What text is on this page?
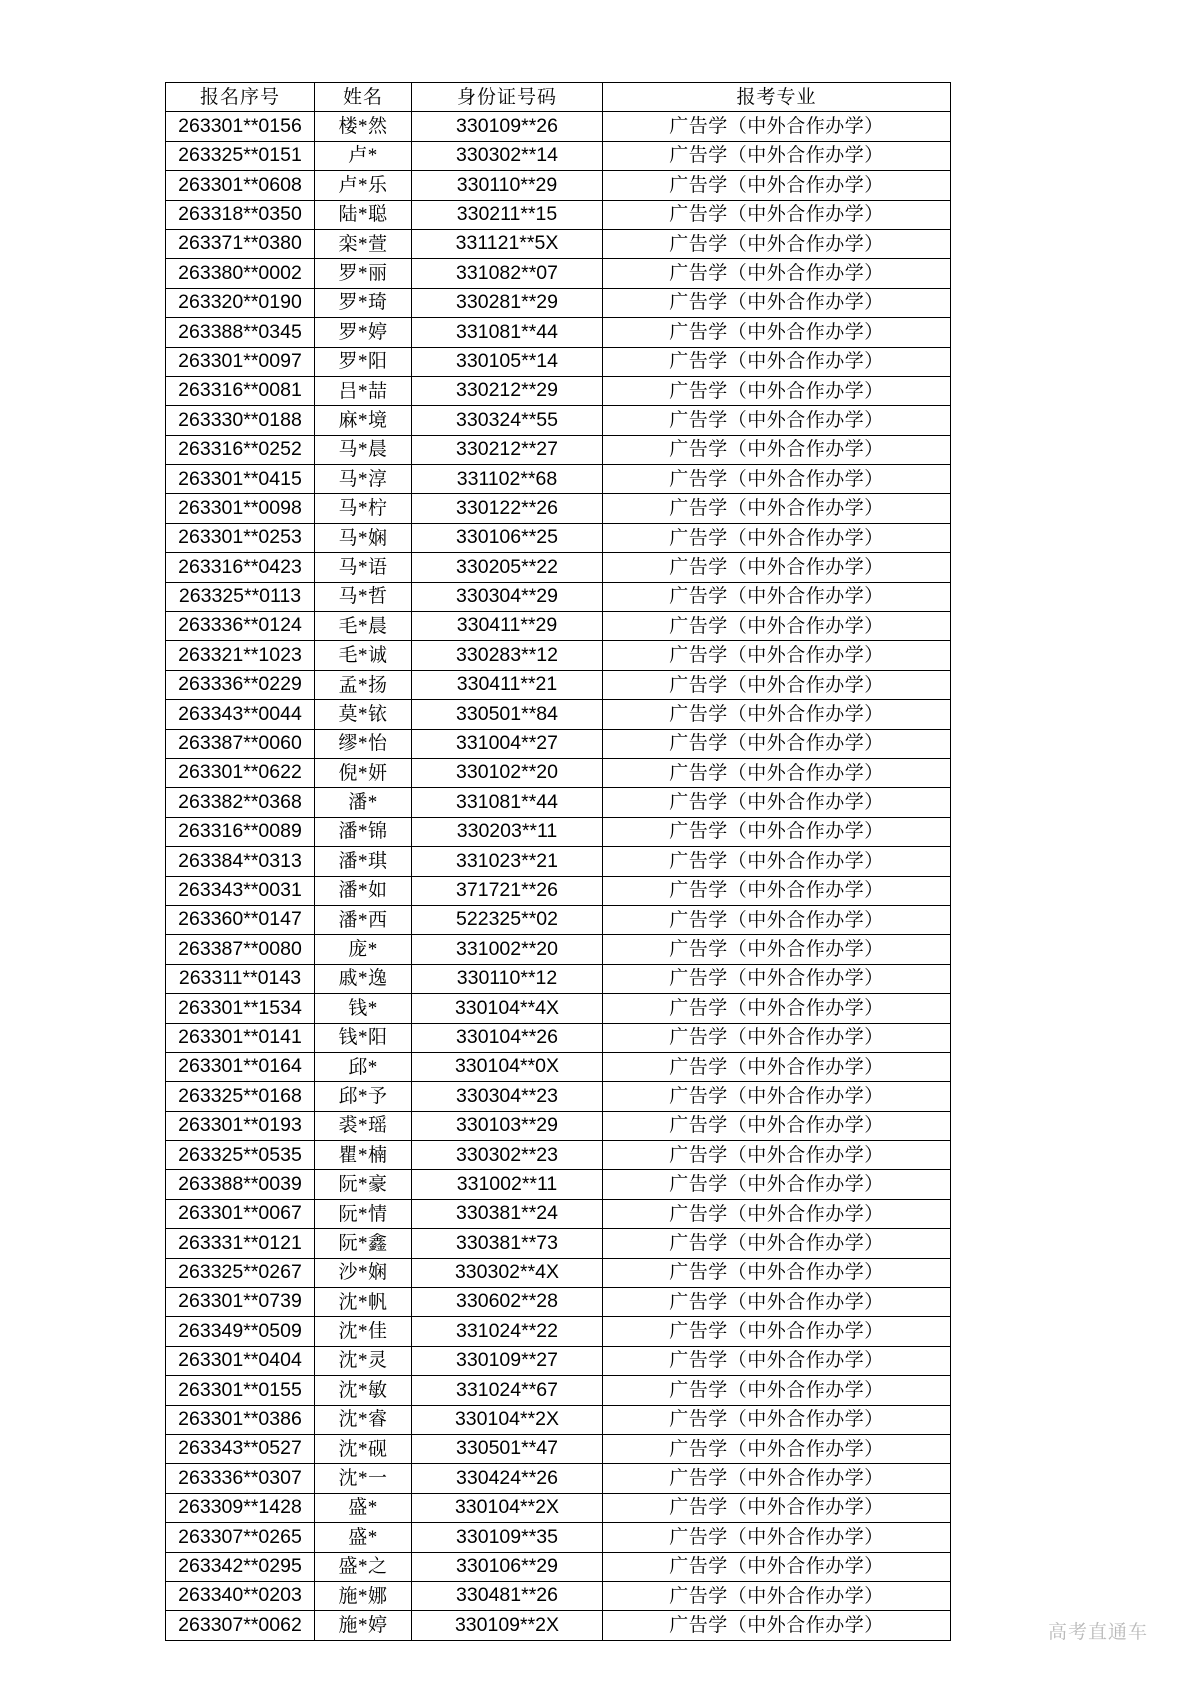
报名序号	姓名	身份证号码	报考专业
263301**0156	楼*然	330109**26	广告学（中外合作办学）
263325**0151	卢*	330302**14	广告学（中外合作办学）
263301**0608	卢*乐	330110**29	广告学（中外合作办学）
263318**0350	陆*聪	330211**15	广告学（中外合作办学）
263371**0380	栾*萱	331121**5X	广告学（中外合作办学）
263380**0002	罗*丽	331082**07	广告学（中外合作办学）
263320**0190	罗*琦	330281**29	广告学（中外合作办学）
263388**0345	罗*婷	331081**44	广告学（中外合作办学）
263301**0097	罗*阳	330105**14	广告学（中外合作办学）
263316**0081	吕*喆	330212**29	广告学（中外合作办学）
263330**0188	麻*境	330324**55	广告学（中外合作办学）
263316**0252	马*晨	330212**27	广告学（中外合作办学）
263301**0415	马*淳	331102**68	广告学（中外合作办学）
263301**0098	马*柠	330122**26	广告学（中外合作办学）
263301**0253	马*娴	330106**25	广告学（中外合作办学）
263316**0423	马*语	330205**22	广告学（中外合作办学）
263325**0113	马*哲	330304**29	广告学（中外合作办学）
263336**0124	毛*晨	330411**29	广告学（中外合作办学）
263321**1023	毛*诚	330283**12	广告学（中外合作办学）
263336**0229	孟*扬	330411**21	广告学（中外合作办学）
263343**0044	莫*铱	330501**84	广告学（中外合作办学）
263387**0060	缪*怡	331004**27	广告学（中外合作办学）
263301**0622	倪*妍	330102**20	广告学（中外合作办学）
263382**0368	潘*	331081**44	广告学（中外合作办学）
263316**0089	潘*锦	330203**11	广告学（中外合作办学）
263384**0313	潘*琪	331023**21	广告学（中外合作办学）
263343**0031	潘*如	371721**26	广告学（中外合作办学）
263360**0147	潘*西	522325**02	广告学（中外合作办学）
263387**0080	庞*	331002**20	广告学（中外合作办学）
263311**0143	戚*逸	330110**12	广告学（中外合作办学）
263301**1534	钱*	330104**4X	广告学（中外合作办学）
263301**0141	钱*阳	330104**26	广告学（中外合作办学）
263301**0164	邱*	330104**0X	广告学（中外合作办学）
263325**0168	邱*予	330304**23	广告学（中外合作办学）
263301**0193	裘*瑶	330103**29	广告学（中外合作办学）
263325**0535	瞿*楠	330302**23	广告学（中外合作办学）
263388**0039	阮*豪	331002**11	广告学（中外合作办学）
263301**0067	阮*情	330381**24	广告学（中外合作办学）
263331**0121	阮*鑫	330381**73	广告学（中外合作办学）
263325**0267	沙*娴	330302**4X	广告学（中外合作办学）
263301**0739	沈*帆	330602**28	广告学（中外合作办学）
263349**0509	沈*佳	331024**22	广告学（中外合作办学）
263301**0404	沈*灵	330109**27	广告学（中外合作办学）
263301**0155	沈*敏	331024**67	广告学（中外合作办学）
263301**0386	沈*睿	330104**2X	广告学（中外合作办学）
263343**0527	沈*砚	330501**47	广告学（中外合作办学）
263336**0307	沈*一	330424**26	广告学（中外合作办学）
263309**1428	盛*	330104**2X	广告学（中外合作办学）
263307**0265	盛*	330109**35	广告学（中外合作办学）
263342**0295	盛*之	330106**29	广告学（中外合作办学）
263340**0203	施*娜	330481**26	广告学（中外合作办学）
263307**0062	施*婷	330109**2X	广告学（中外合作办学）	高考直通车
